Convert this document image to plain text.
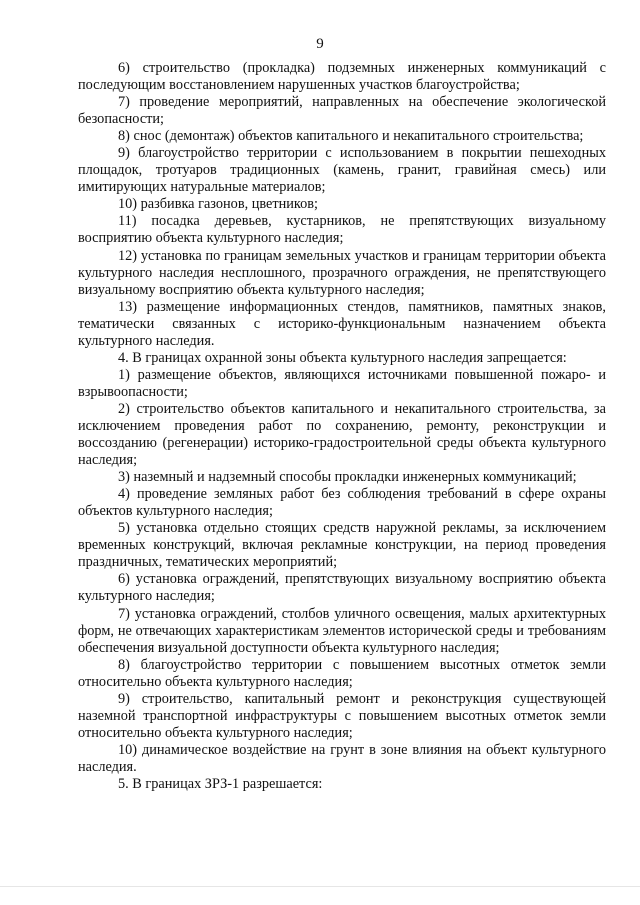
9

6) строительство (прокладка) подземных инженерных коммуникаций с последующим восстановлением нарушенных участков благоустройства;

7) проведение мероприятий, направленных на обеспечение экологической безопасности;

8) снос (демонтаж) объектов капитального и некапитального строительства;

9) благоустройство территории с использованием в покрытии пешеходных площадок, тротуаров традиционных (камень, гранит, гравийная смесь) или имитирующих натуральные материалов;

10) разбивка газонов, цветников;

11) посадка деревьев, кустарников, не препятствующих визуальному восприятию объекта культурного наследия;

12) установка по границам земельных участков и границам территории объекта культурного наследия несплошного, прозрачного ограждения, не препятствующего визуальному восприятию объекта культурного наследия;

13) размещение информационных стендов, памятников, памятных знаков, тематически связанных с историко-функциональным назначением объекта культурного наследия.

4. В границах охранной зоны объекта культурного наследия запрещается:

1) размещение объектов, являющихся источниками повышенной пожаро- и взрывоопасности;

2) строительство объектов капитального и некапитального строительства, за исключением проведения работ по сохранению, ремонту, реконструкции и воссозданию (регенерации) историко-градостроительной среды объекта культурного наследия;

3) наземный и надземный способы прокладки инженерных коммуникаций;

4) проведение земляных работ без соблюдения требований в сфере охраны объектов культурного наследия;

5) установка отдельно стоящих средств наружной рекламы, за исключением временных конструкций, включая рекламные конструкции, на период проведения праздничных, тематических мероприятий;

6) установка ограждений, препятствующих визуальному восприятию объекта культурного наследия;

7) установка ограждений, столбов уличного освещения, малых архитектурных форм, не отвечающих характеристикам элементов исторической среды и требованиям обеспечения визуальной доступности объекта культурного наследия;

8) благоустройство территории с повышением высотных отметок земли относительно объекта культурного наследия;

9) строительство, капитальный ремонт и реконструкция существующей наземной транспортной инфраструктуры с повышением высотных отметок земли относительно объекта культурного наследия;

10) динамическое воздействие на грунт в зоне влияния на объект культурного наследия.

5. В границах ЗРЗ-1 разрешается:
